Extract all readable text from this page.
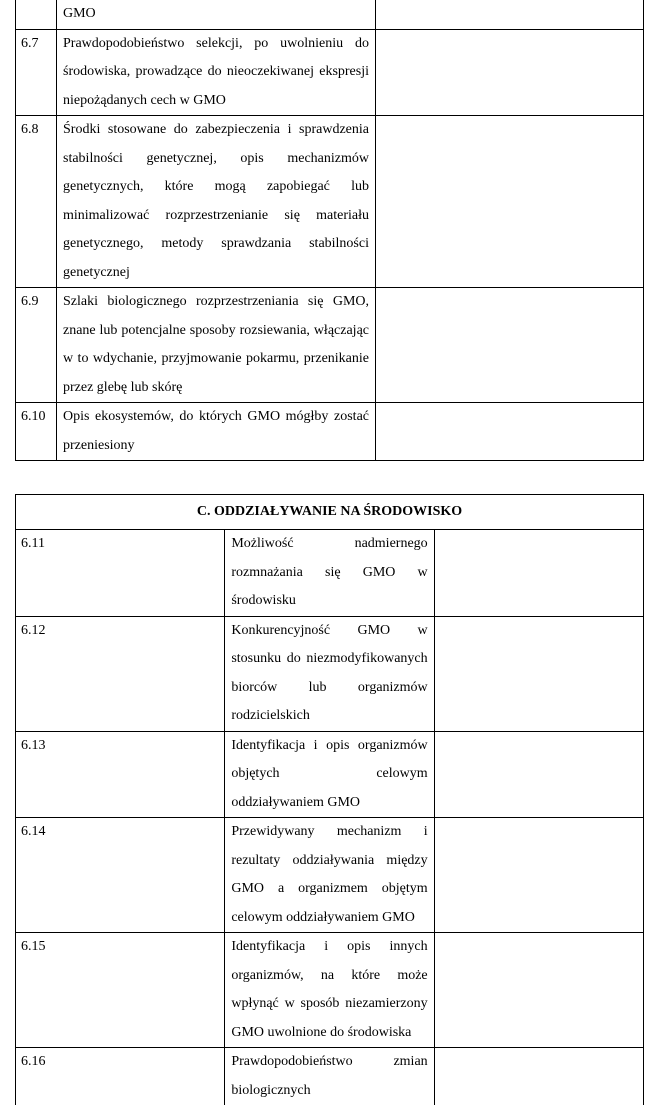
	GMO	
6.7	Prawdopodobieństwo selekcji, po uwolnieniu do środowiska, prowadzące do nieoczekiwanej ekspresji niepożądanych cech w GMO	
6.8	Środki stosowane do zabezpieczenia i sprawdzenia stabilności genetycznej, opis mechanizmów genetycznych, które mogą zapobiegać lub minimalizować rozprzestrzenianie się materiału genetycznego, metody sprawdzania stabilności genetycznej	
6.9	Szlaki biologicznego rozprzestrzeniania się GMO, znane lub potencjalne sposoby rozsiewania, włączając w to wdychanie, przyjmowanie pokarmu, przenikanie przez glebę lub skórę	
6.10	Opis ekosystemów, do których GMO mógłby zostać przeniesiony	
C. ODDZIAŁYWANIE NA ŚRODOWISKO		
6.11	Możliwość nadmiernego rozmnażania się GMO w środowisku	
6.12	Konkurencyjność GMO w stosunku do niezmodyfikowanych biorców lub organizmów rodzicielskich	
6.13	Identyfikacja i opis organizmów objętych celowym oddziaływaniem GMO	
6.14	Przewidywany mechanizm i rezultaty oddziaływania między GMO a organizmem objętym celowym oddziaływaniem GMO	
6.15	Identyfikacja i opis innych organizmów, na które może wpłynąć w sposób niezamierzony GMO uwolnione do środowiska	
6.16	Prawdopodobieństwo zmian biologicznych	
